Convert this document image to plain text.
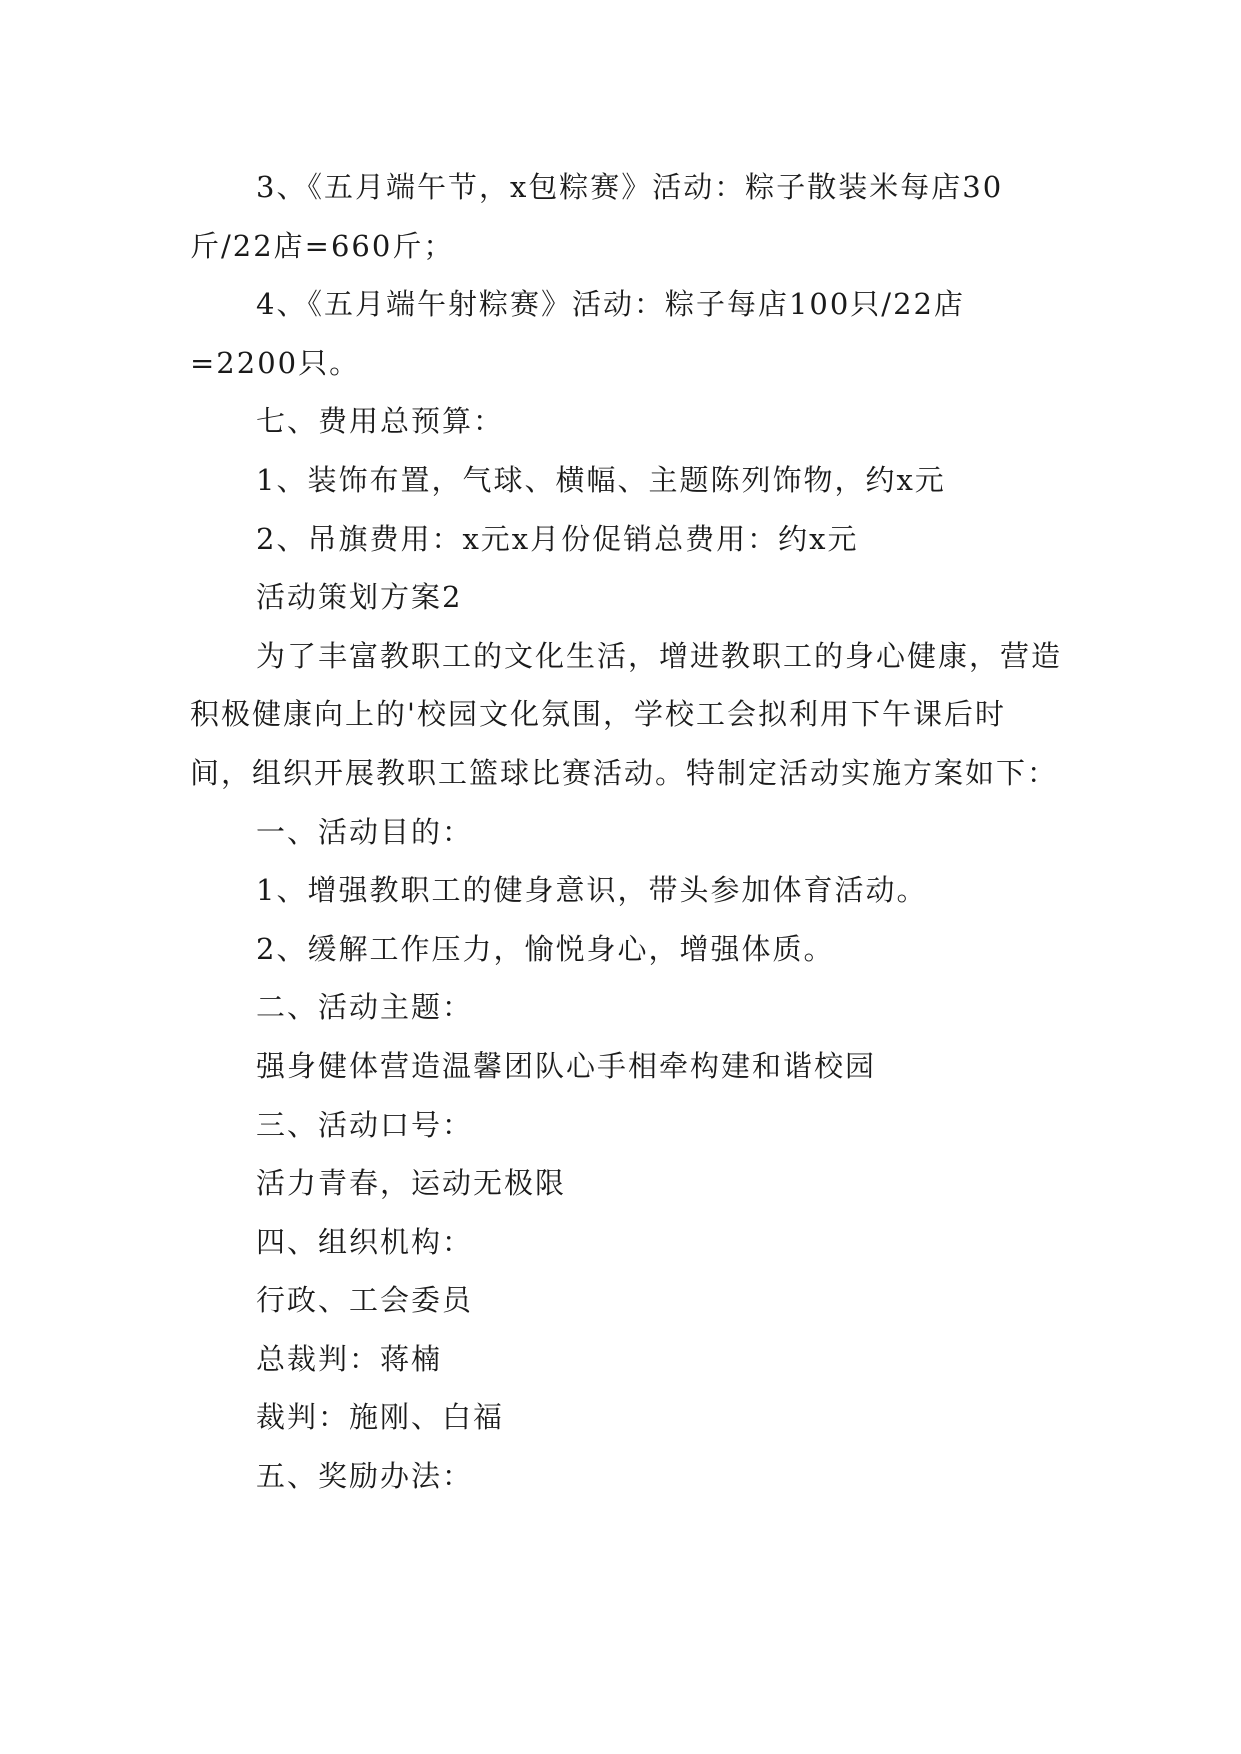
3、《五月端午节，x包粽赛》活动：粽子散装米每店30斤/22店=660斤；

4、《五月端午射粽赛》活动：粽子每店100只/22店=2200只。

七、费用总预算：

1、装饰布置，气球、横幅、主题陈列饰物，约x元

2、吊旗费用：x元x月份促销总费用：约x元

活动策划方案2

为了丰富教职工的文化生活，增进教职工的身心健康，营造积极健康向上的'校园文化氛围，学校工会拟利用下午课后时间，组织开展教职工篮球比赛活动。特制定活动实施方案如下：

一、活动目的：

1、增强教职工的健身意识，带头参加体育活动。

2、缓解工作压力，愉悦身心，增强体质。

二、活动主题：

强身健体营造温馨团队心手相牵构建和谐校园

三、活动口号：

活力青春，运动无极限

四、组织机构：

行政、工会委员

总裁判：蒋楠

裁判：施刚、白福

五、奖励办法：
